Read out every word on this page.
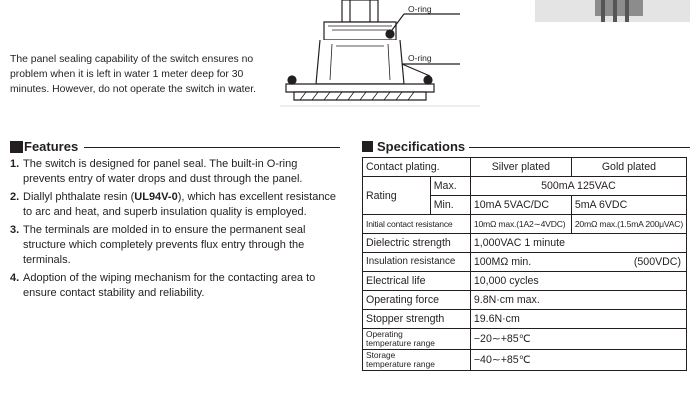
O-ring
O-ring
The panel sealing capability of the switch ensures no problem when it is left in water 1 meter deep for 30 minutes. However, do not operate the switch in water.
Features
1. The switch is designed for panel seal. The built-in O-ring prevents entry of water drops and dust through the panel.
2. Diallyl phthalate resin (UL94V-0), which has excellent resistance to arc and heat, and superb insulation quality is employed.
3. The terminals are molded in to ensure the permanent seal structure which completely prevents flux entry through the terminals.
4. Adoption of the wiping mechanism for the contacting area to ensure contact stability and reliability.
Specifications
Contact plating.		Silver plated	Gold plated
Rating	Max.	500mA 125VAC	
	Min.	10mA 5VAC/DC	5mA 6VDC
Initial contact resistance		10mΩ max.(1A2∼4VDC)	20mΩ max.(1.5mA 200μVAC)
Dielectric strength		1,000VAC 1 minute	
Insulation resistance		100MΩ min. (500VDC)	

Electrical life		10,000 cycles	
Operating force		9.8N·cm max.	
Stopper strength		19.6N·cm	

Operating
temperature range		−20∼+85℃	

Storage
temperature range		−40∼+85℃	
